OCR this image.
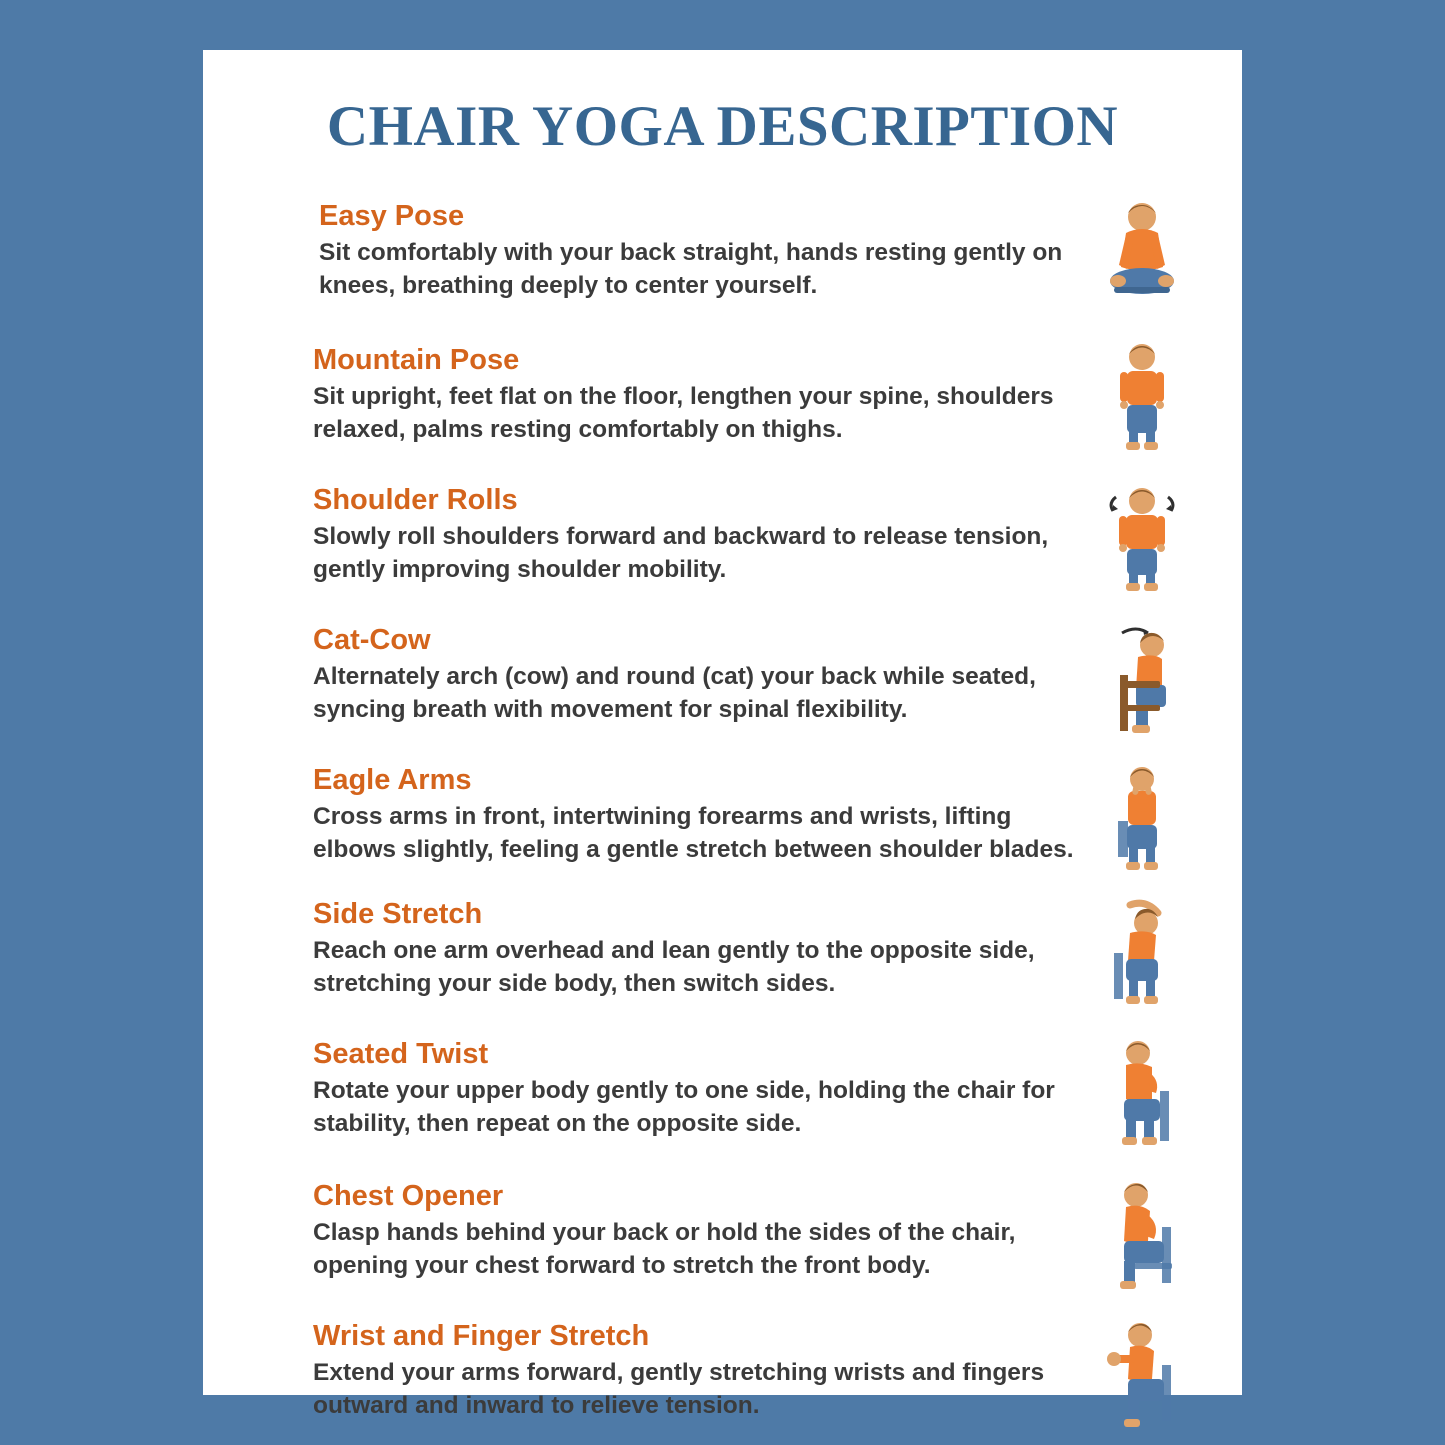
CHAIR YOGA DESCRIPTION
Easy Pose
Sit comfortably with your back straight, hands resting gently on knees, breathing deeply to center yourself.
Mountain Pose
Sit upright, feet flat on the floor, lengthen your spine, shoulders relaxed, palms resting comfortably on thighs.
Shoulder Rolls
Slowly roll shoulders forward and backward to release tension, gently improving shoulder mobility.
Cat-Cow
Alternately arch (cow) and round (cat) your back while seated, syncing breath with movement for spinal flexibility.
Eagle Arms
Cross arms in front, intertwining forearms and wrists, lifting elbows slightly, feeling a gentle stretch between shoulder blades.
Side Stretch
Reach one arm overhead and lean gently to the opposite side, stretching your side body, then switch sides.
Seated Twist
Rotate your upper body gently to one side, holding the chair for stability, then repeat on the opposite side.
Chest Opener
Clasp hands behind your back or hold the sides of the chair, opening your chest forward to stretch the front body.
Wrist and Finger Stretch
Extend your arms forward, gently stretching wrists and fingers outward and inward to relieve tension.
